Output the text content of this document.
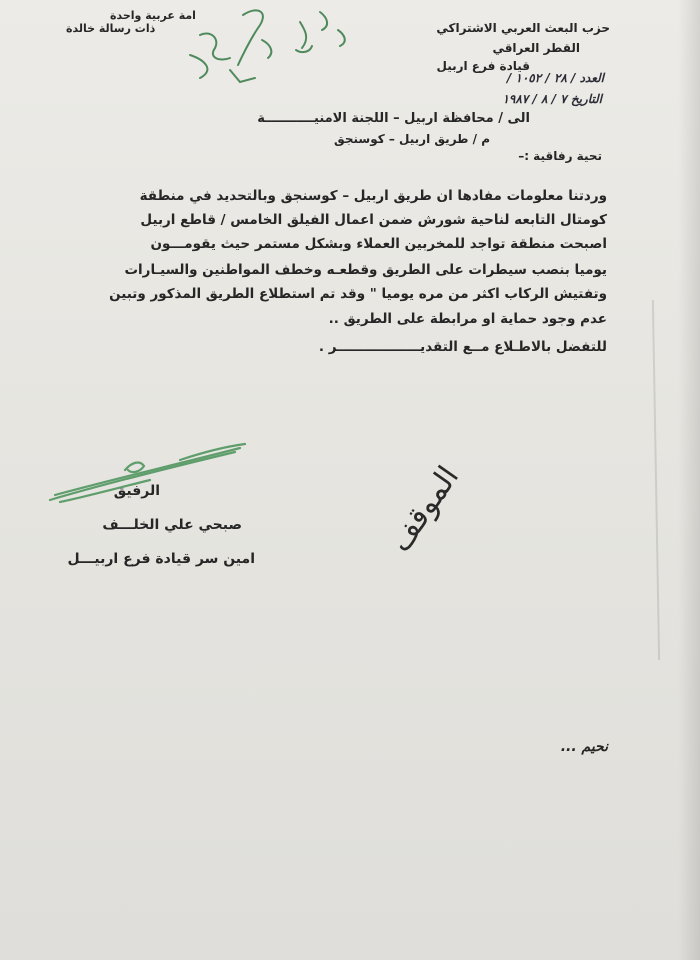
حزب البعث العربي الاشتراكي
القطر العراقي
قيادة فرع اربيل
العدد / ٢٨ / ١٠٥٢ /
التاريخ ٧ / ٨ / ١٩٨٧
امة عربية واحدة
ذات رسالة خالدة
الى / محافظة اربيل – اللجنة الامنيـــــــــــة
م / طريق اربيل – كوسنجق
تحية رفاقية :–
وردتنا معلومات مفادها ان طريق اربيل – كوسنجق وبالتحديد في منطقة
كومتال التابعه لناحية شورش ضمن اعمال الفيلق الخامس / قاطع اربيل
اصبحت منطقة تواجد للمخربين العملاء وبشكل مستمر حيث يقومـــون
يوميا بنصب سيطرات على الطريق وقطعـه وخطف المواطنين والسيـارات
وتفتيش الركاب اكثر من مره يوميا " وقد تم استطلاع الطريق المذكور وتبين
عدم وجود حماية او مرابطة على الطريق ..
للتفضل بالاطـلاع مــع التقديــــــــــــــــــر .
الرفيق
صبحي علي الخلـــف
امين سر قيادة فرع اربيـــل
الموقف
نحيم ...
